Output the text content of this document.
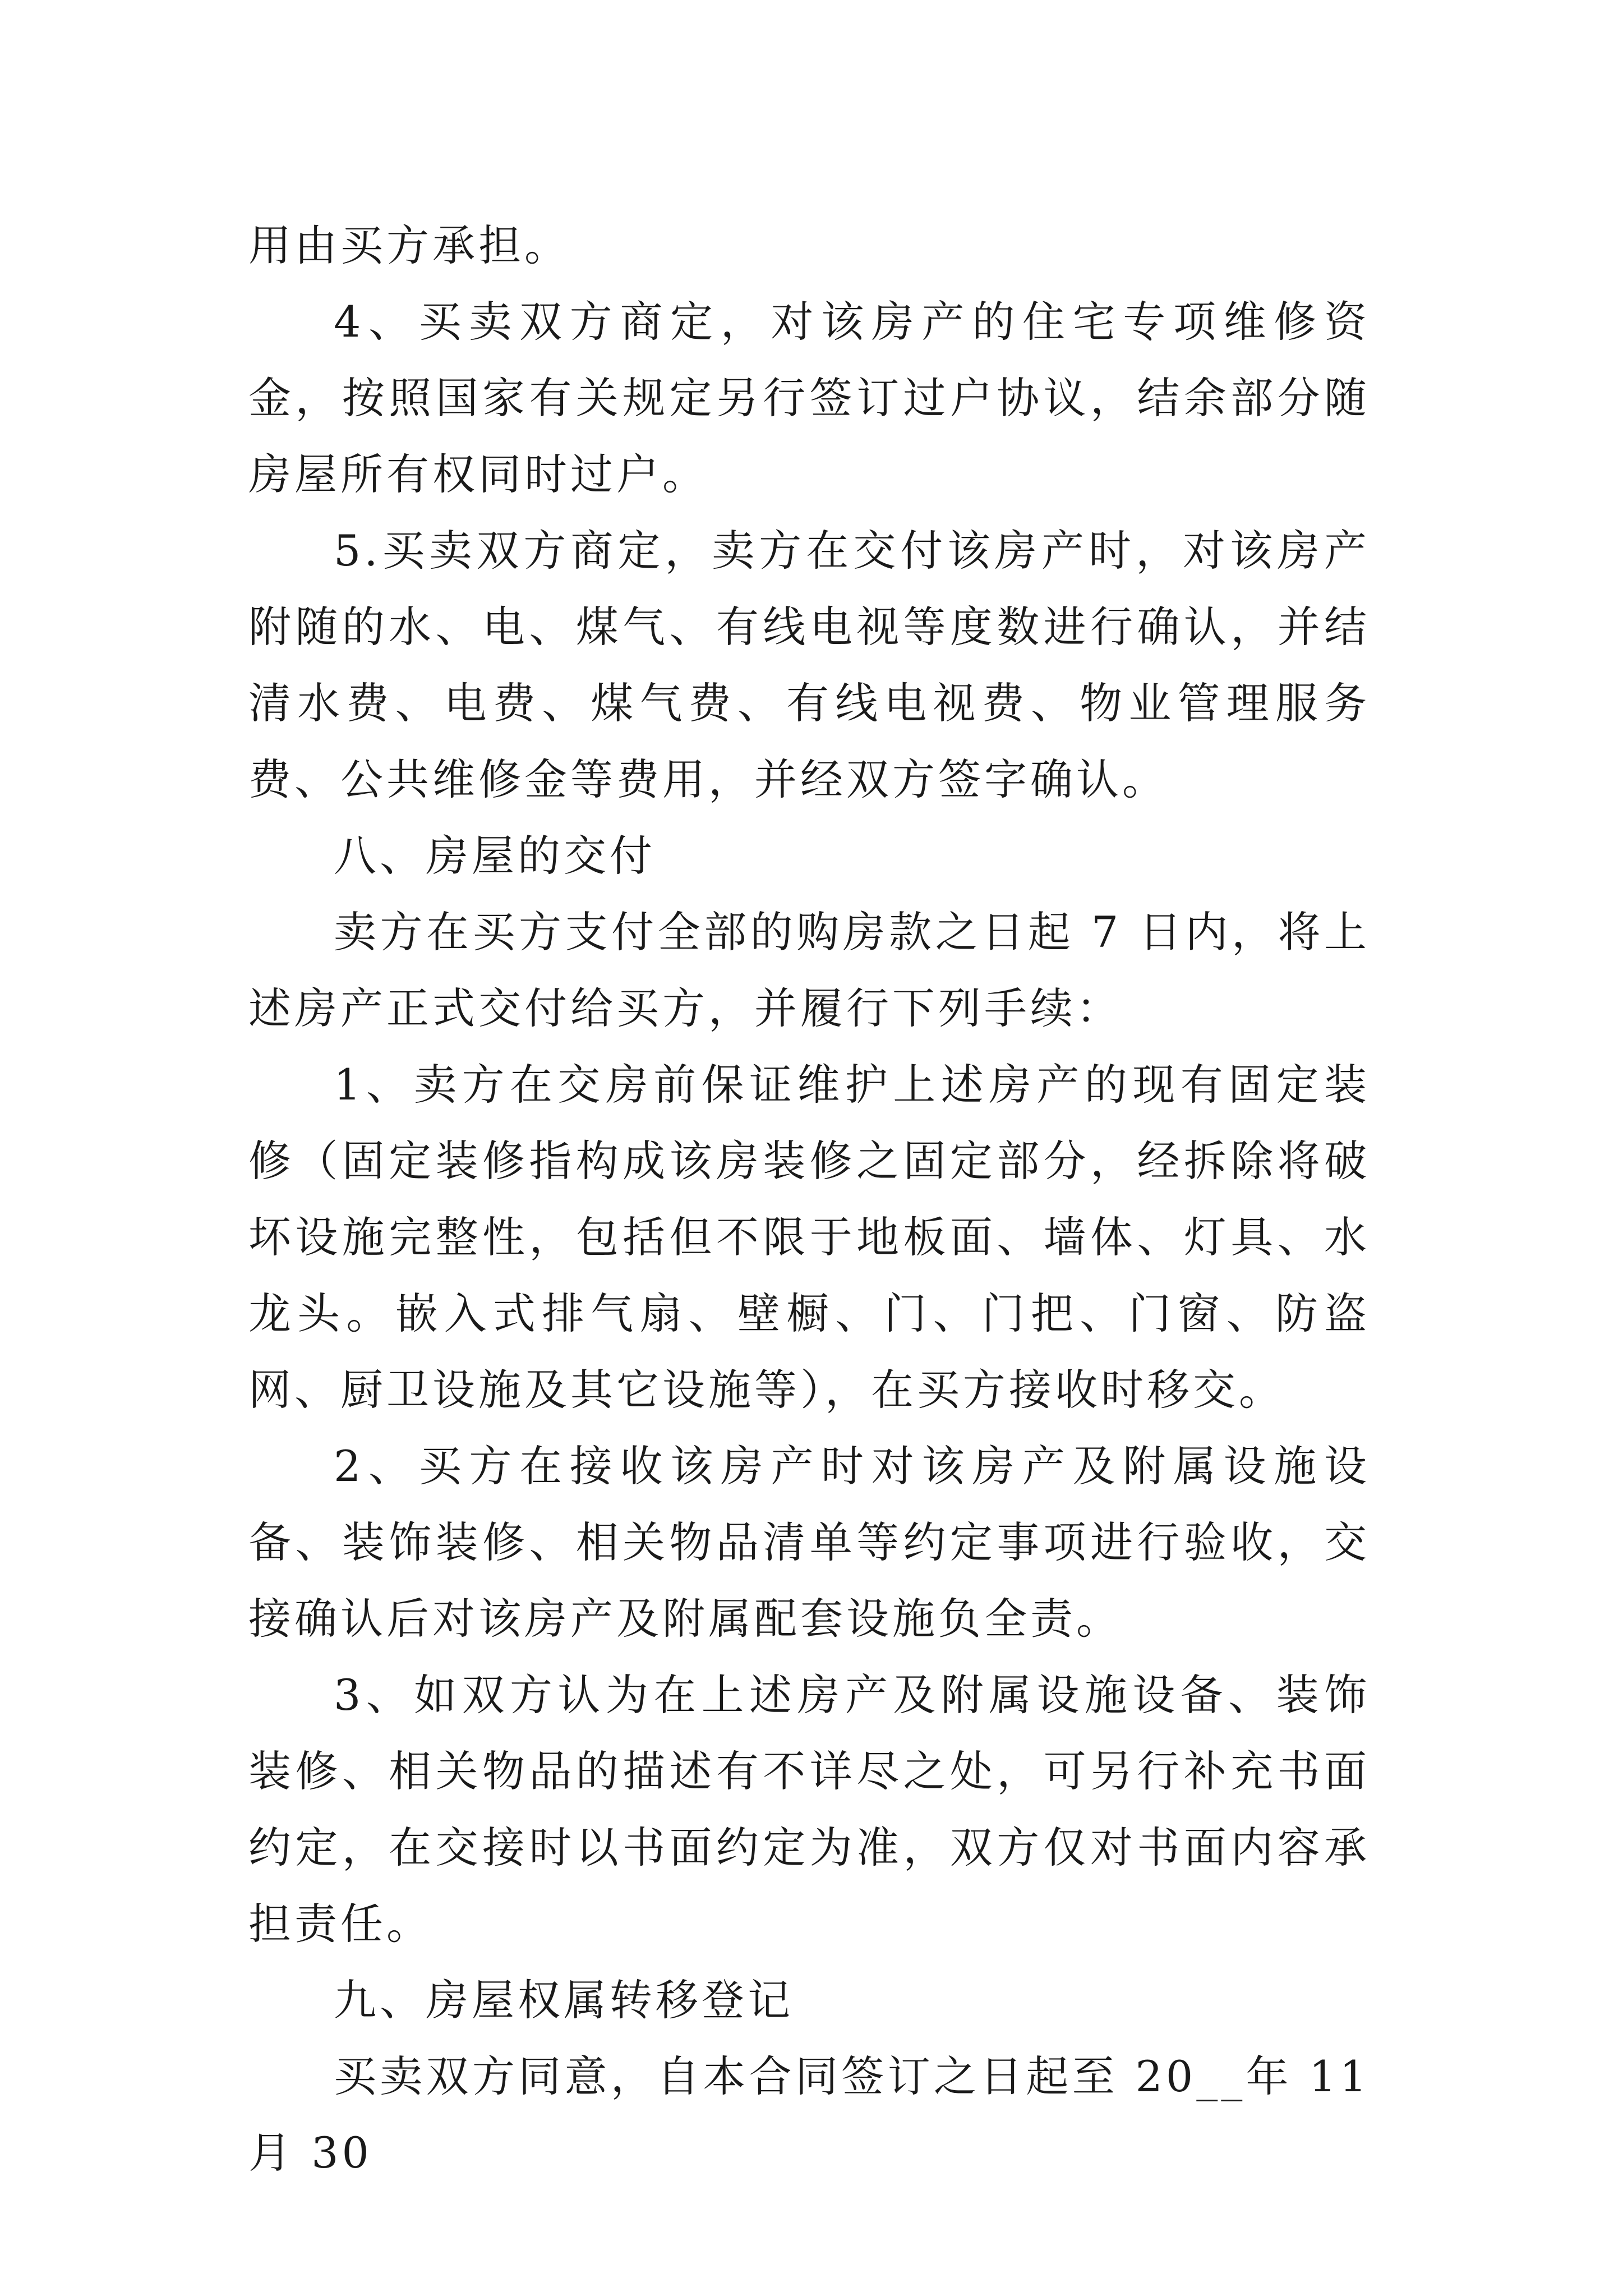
用由买方承担。

4、买卖双方商定，对该房产的住宅专项维修资金，按照国家有关规定另行签订过户协议，结余部分随房屋所有权同时过户。

5.买卖双方商定，卖方在交付该房产时，对该房产附随的水、电、煤气、有线电视等度数进行确认，并结清水费、电费、煤气费、有线电视费、物业管理服务费、公共维修金等费用，并经双方签字确认。

八、房屋的交付

卖方在买方支付全部的购房款之日起 7 日内，将上述房产正式交付给买方，并履行下列手续：

1、卖方在交房前保证维护上述房产的现有固定装修（固定装修指构成该房装修之固定部分，经拆除将破坏设施完整性，包括但不限于地板面、墙体、灯具、水龙头。嵌入式排气扇、壁橱、门、门把、门窗、防盗网、厨卫设施及其它设施等），在买方接收时移交。

2、买方在接收该房产时对该房产及附属设施设备、装饰装修、相关物品清单等约定事项进行验收，交接确认后对该房产及附属配套设施负全责。

3、如双方认为在上述房产及附属设施设备、装饰装修、相关物品的描述有不详尽之处，可另行补充书面约定，在交接时以书面约定为准，双方仅对书面内容承担责任。

九、房屋权属转移登记

买卖双方同意，自本合同签订之日起至 20__年 11 月 30
